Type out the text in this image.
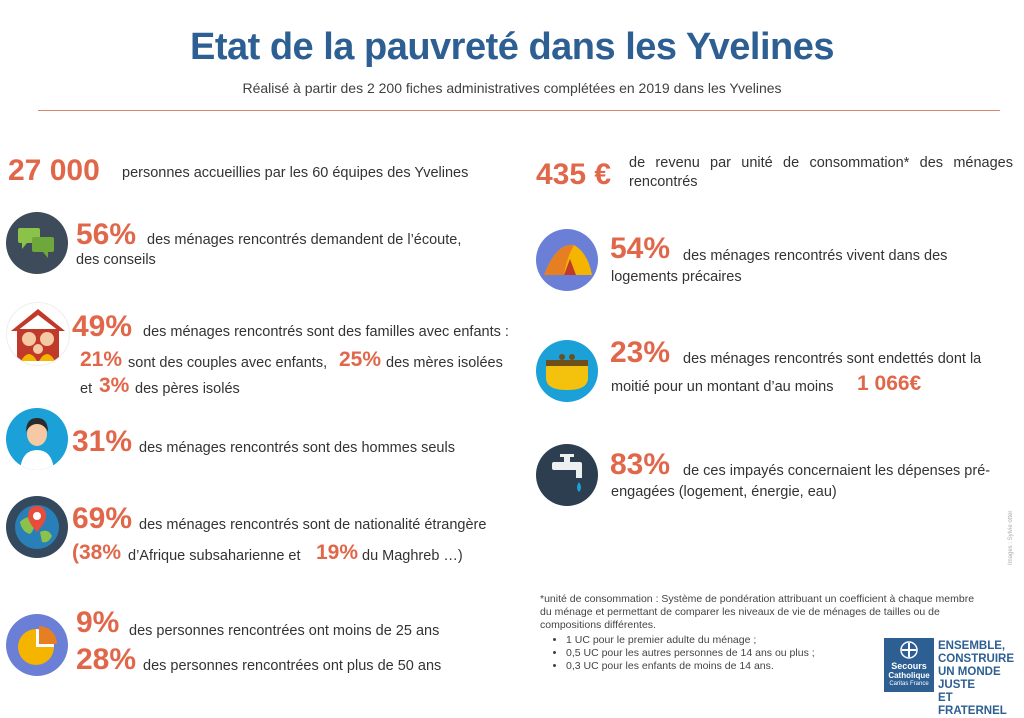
Etat de la pauvreté dans les Yvelines
Réalisé à partir des 2 200 fiches administratives complétées en 2019 dans les Yvelines
27 000 personnes accueillies par les 60 équipes des Yvelines
56% des ménages rencontrés demandent de l’écoute,
des conseils
49% des ménages rencontrés sont des familles avec enfants :
21% sont des couples avec enfants, 25% des mères isolées
et 3% des pères isolés
31% des ménages rencontrés sont des hommes seuls
69% des ménages rencontrés sont de nationalité étrangère
(38% d’Afrique subsaharienne et 19% du Maghreb …)
9% des personnes rencontrées ont moins de 25 ans
28% des personnes rencontrées ont plus de 50 ans
435 € de revenu par unité de consommation* des ménages rencontrés
54% des ménages rencontrés vivent dans des
logements précaires
23% des ménages rencontrés sont endettés dont la
moitié pour un montant d’au moins 1 066€
83% de ces impayés concernaient les dépenses pré-
engagées (logement, énergie, eau)
*unité de consommation : Système de pondération attribuant un coefficient à chaque membre du ménage et permettant de comparer les niveaux de vie de ménages de tailles ou de compositions différentes.
• 1 UC pour le premier adulte du ménage ;
• 0,5 UC pour les autres personnes de 14 ans ou plus ;
• 0,3 UC pour les enfants de moins de 14 ans.	Secours
Catholique
Caritas France
ENSEMBLE,
CONSTRUIRE
UN MONDE JUSTE
ET FRATERNEL
Images : Sylvie otter
